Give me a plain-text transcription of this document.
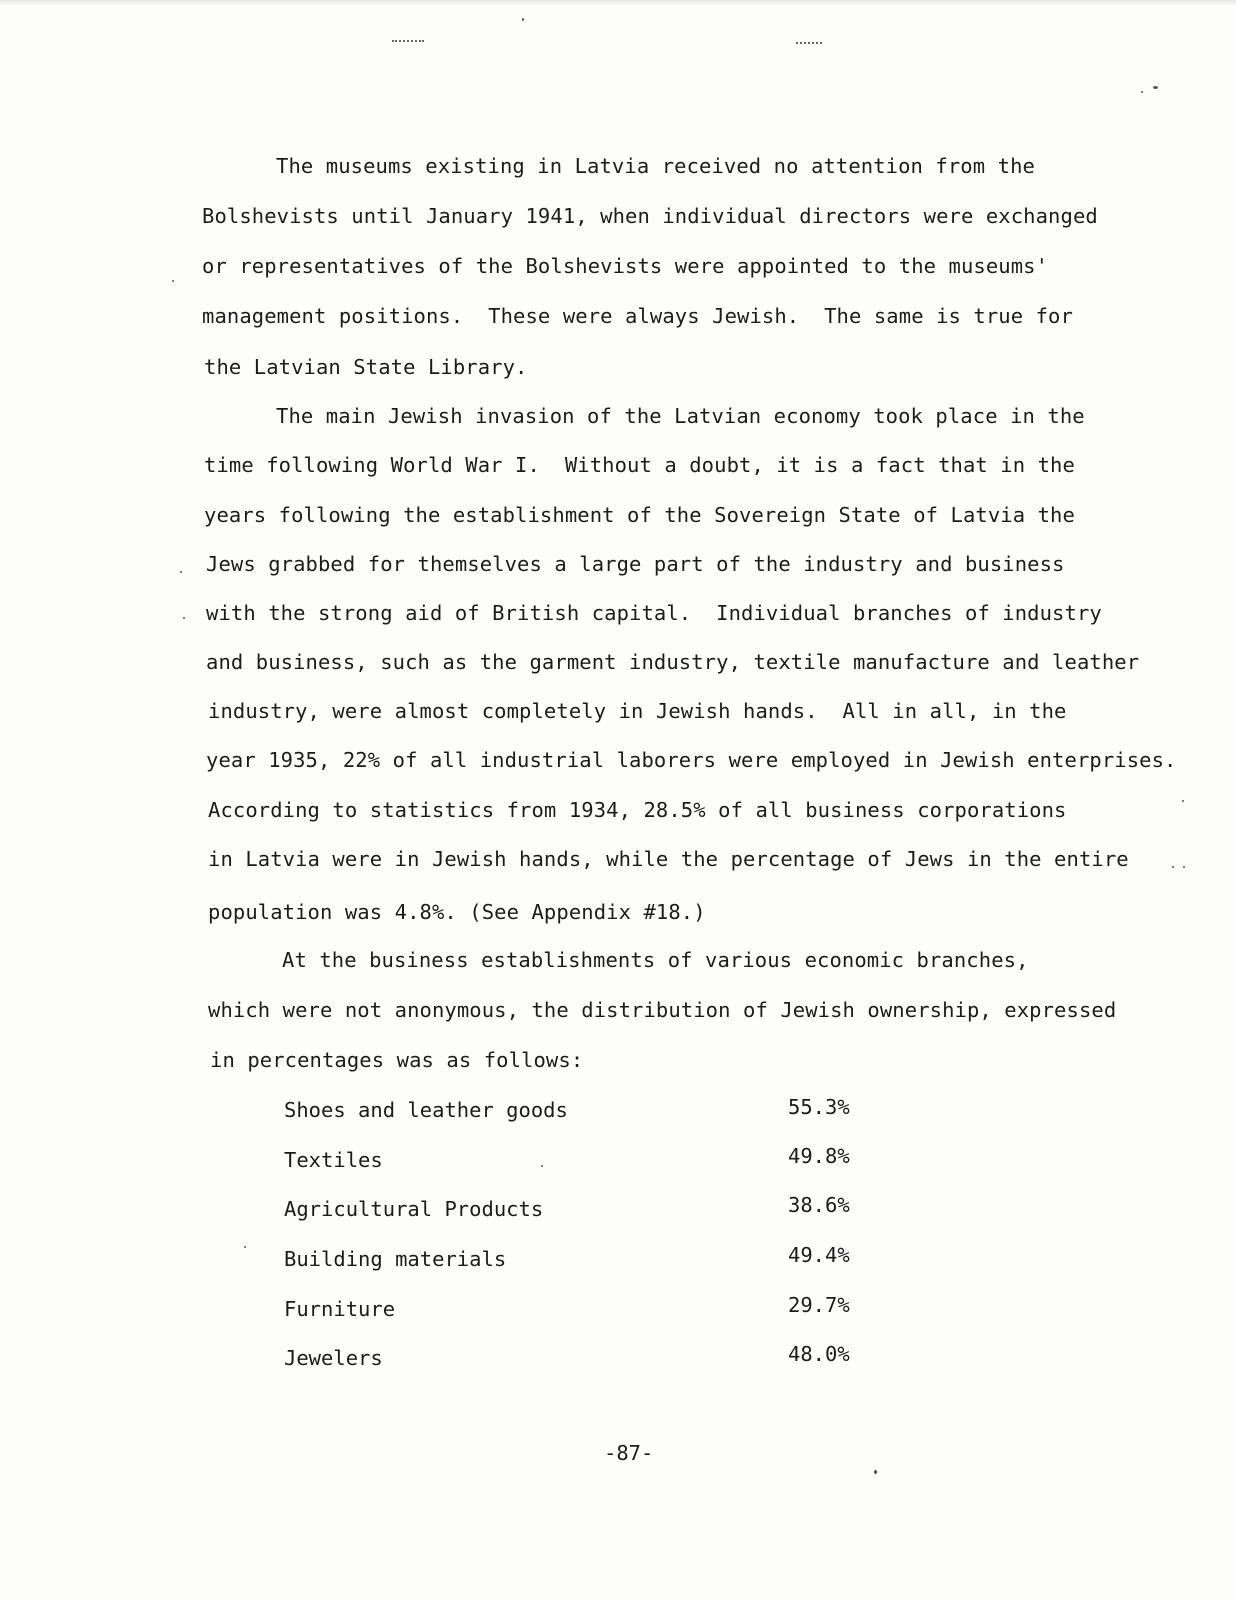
The museums existing in Latvia received no attention from the
Bolshevists until January 1941, when individual directors were exchanged
or representatives of the Bolshevists were appointed to the museums'
management positions.  These were always Jewish.  The same is true for
the Latvian State Library.
The main Jewish invasion of the Latvian economy took place in the
time following World War I.  Without a doubt, it is a fact that in the
years following the establishment of the Sovereign State of Latvia the
Jews grabbed for themselves a large part of the industry and business
with the strong aid of British capital.  Individual branches of industry
and business, such as the garment industry, textile manufacture and leather
industry, were almost completely in Jewish hands.  All in all, in the
year 1935, 22% of all industrial laborers were employed in Jewish enterprises.
According to statistics from 1934, 28.5% of all business corporations
in Latvia were in Jewish hands, while the percentage of Jews in the entire
population was 4.8%. (See Appendix #18.)
At the business establishments of various economic branches,
which were not anonymous, the distribution of Jewish ownership, expressed
in percentages was as follows:
Shoes and leather goods	55.3%
Textiles	49.8%
Agricultural Products	38.6%
Building materials	49.4%
Furniture	29.7%
Jewelers	48.0%
-87-
